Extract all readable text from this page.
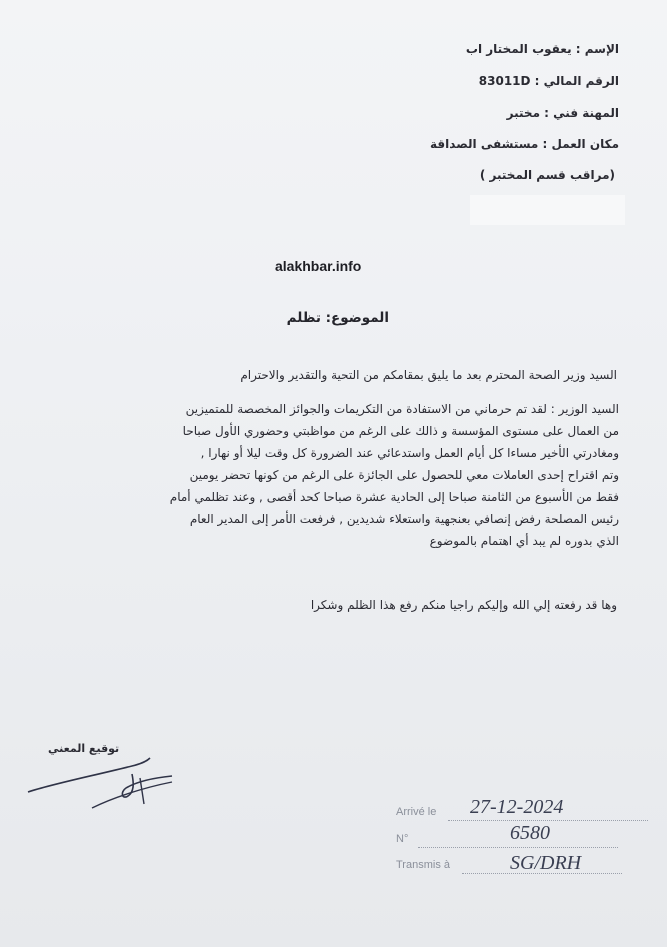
الإسم : يعقوب المختار اب
الرقم المالي : 83011D
المهنة فني : مختبر
مكان العمل : مستشفى الصداقة
(مراقب قسم المختبر )
alakhbar.info
الموضوع: تظلم
السيد وزير الصحة المحترم بعد ما يليق بمقامكم من التحية والتقدير والاحترام
السيد الوزير : لقد تم حرماني من الاستفادة من التكريمات والجوائز المخصصة للمتميزين
من العمال على مستوى المؤسسة و ذالك على الرغم من مواظبتي وحضوري الأول صباحا
ومغادرتي الأخير مساءا كل أيام العمل واستدعائي عند الضرورة كل وقت ليلا أو نهارا ,
وتم اقتراح إحدى العاملات معي للحصول على الجائزة على الرغم من كونها تحضر يومين
فقط من الأسبوع من الثامنة صباحا إلى الحادية عشرة صباحا كحد أقصى , وعند تظلمي أمام
رئيس المصلحة رفض إنصافي بعنجهية واستعلاء شديدين , فرفعت الأمر إلى المدير العام
الذي بدوره لم يبد أي اهتمام بالموضوع
وها قد رفعته إلي الله وإليكم راجيا منكم رفع هذا الظلم وشكرا
توقيع المعني
Arrivé le 27-12-2024
N°	6580
Transmis à	SG/DRH
